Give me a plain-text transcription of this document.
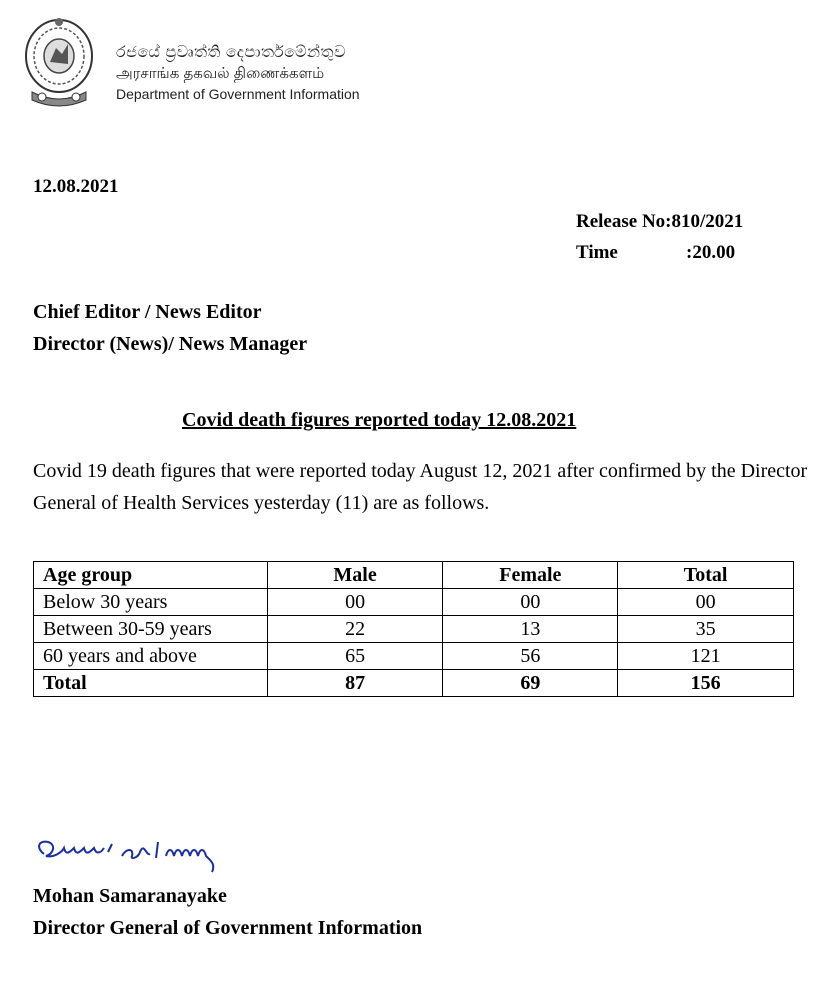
රජයේ ප්‍රවෘත්ති දෙපාර්තමේන්තුව
அரசாங்க தகவல் திணைக்களம்
Department of Government Information
12.08.2021
Release No: 810/2021
Time	:20.00
Chief Editor / News Editor
Director (News)/ News Manager
Covid death figures reported today 12.08.2021
Covid 19 death figures that were reported today August 12, 2021 after confirmed by the Director General of Health Services yesterday (11) are as follows.
Age group	Male	Female	Total
Below 30 years	00	00	00
Between 30-59 years	22	13	35
60 years and above	65	56	121
Total	87	69	156
Mohan Samaranayake
Director General of Government Information
